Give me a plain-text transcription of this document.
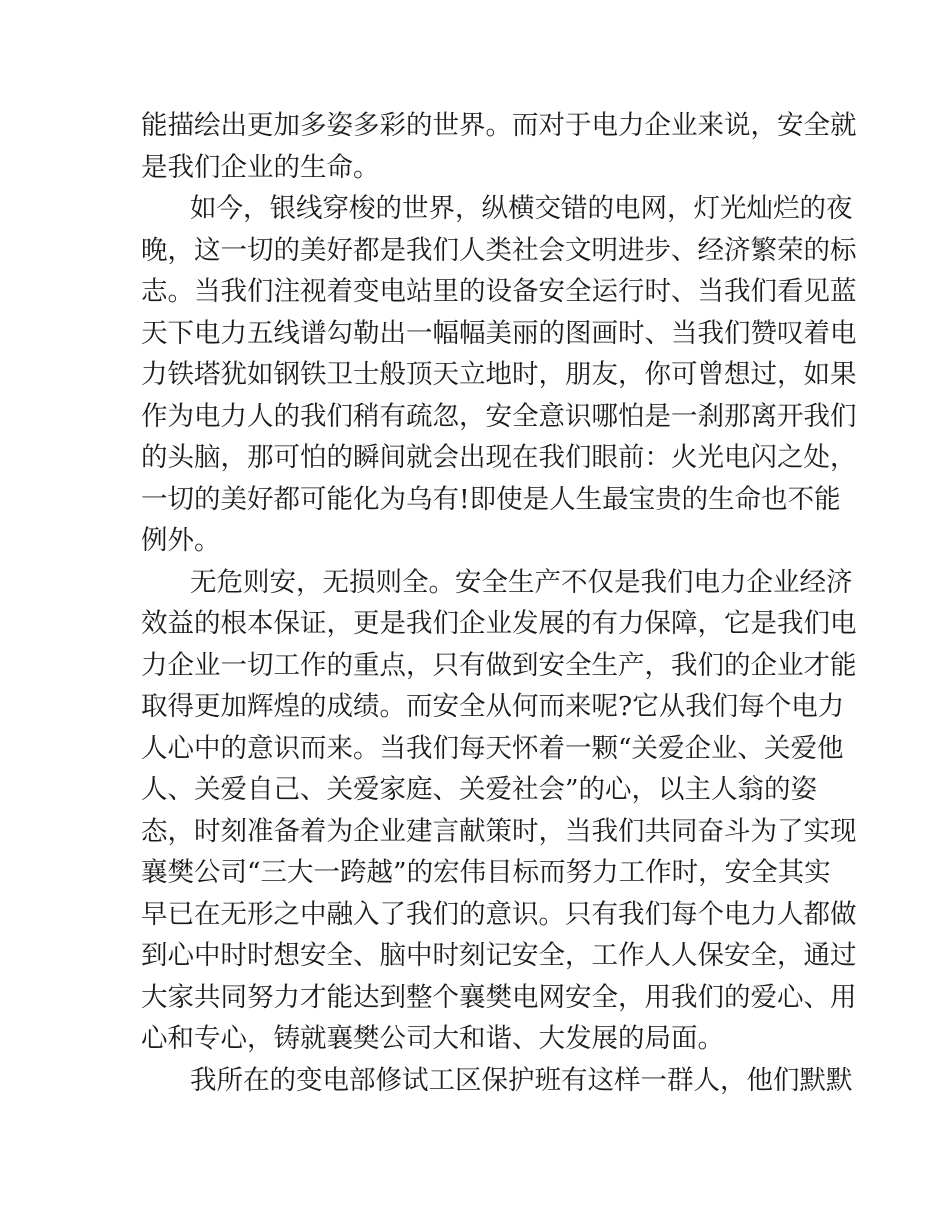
能描绘出更加多姿多彩的世界。而对于电力企业来说，安全就
是我们企业的生命。
如今，银线穿梭的世界，纵横交错的电网，灯光灿烂的夜
晚，这一切的美好都是我们人类社会文明进步、经济繁荣的标
志。当我们注视着变电站里的设备安全运行时、当我们看见蓝
天下电力五线谱勾勒出一幅幅美丽的图画时、当我们赞叹着电
力铁塔犹如钢铁卫士般顶天立地时，朋友，你可曾想过，如果
作为电力人的我们稍有疏忽，安全意识哪怕是一刹那离开我们
的头脑，那可怕的瞬间就会出现在我们眼前：火光电闪之处，
一切的美好都可能化为乌有!即使是人生最宝贵的生命也不能
例外。
无危则安，无损则全。安全生产不仅是我们电力企业经济
效益的根本保证，更是我们企业发展的有力保障，它是我们电
力企业一切工作的重点，只有做到安全生产，我们的企业才能
取得更加辉煌的成绩。而安全从何而来呢?它从我们每个电力
人心中的意识而来。当我们每天怀着一颗“关爱企业、关爱他
人、关爱自己、关爱家庭、关爱社会”的心，以主人翁的姿
态，时刻准备着为企业建言献策时，当我们共同奋斗为了实现
襄樊公司“三大一跨越”的宏伟目标而努力工作时，安全其实
早已在无形之中融入了我们的意识。只有我们每个电力人都做
到心中时时想安全、脑中时刻记安全，工作人人保安全，通过
大家共同努力才能达到整个襄樊电网安全，用我们的爱心、用
心和专心，铸就襄樊公司大和谐、大发展的局面。
我所在的变电部修试工区保护班有这样一群人，他们默默
